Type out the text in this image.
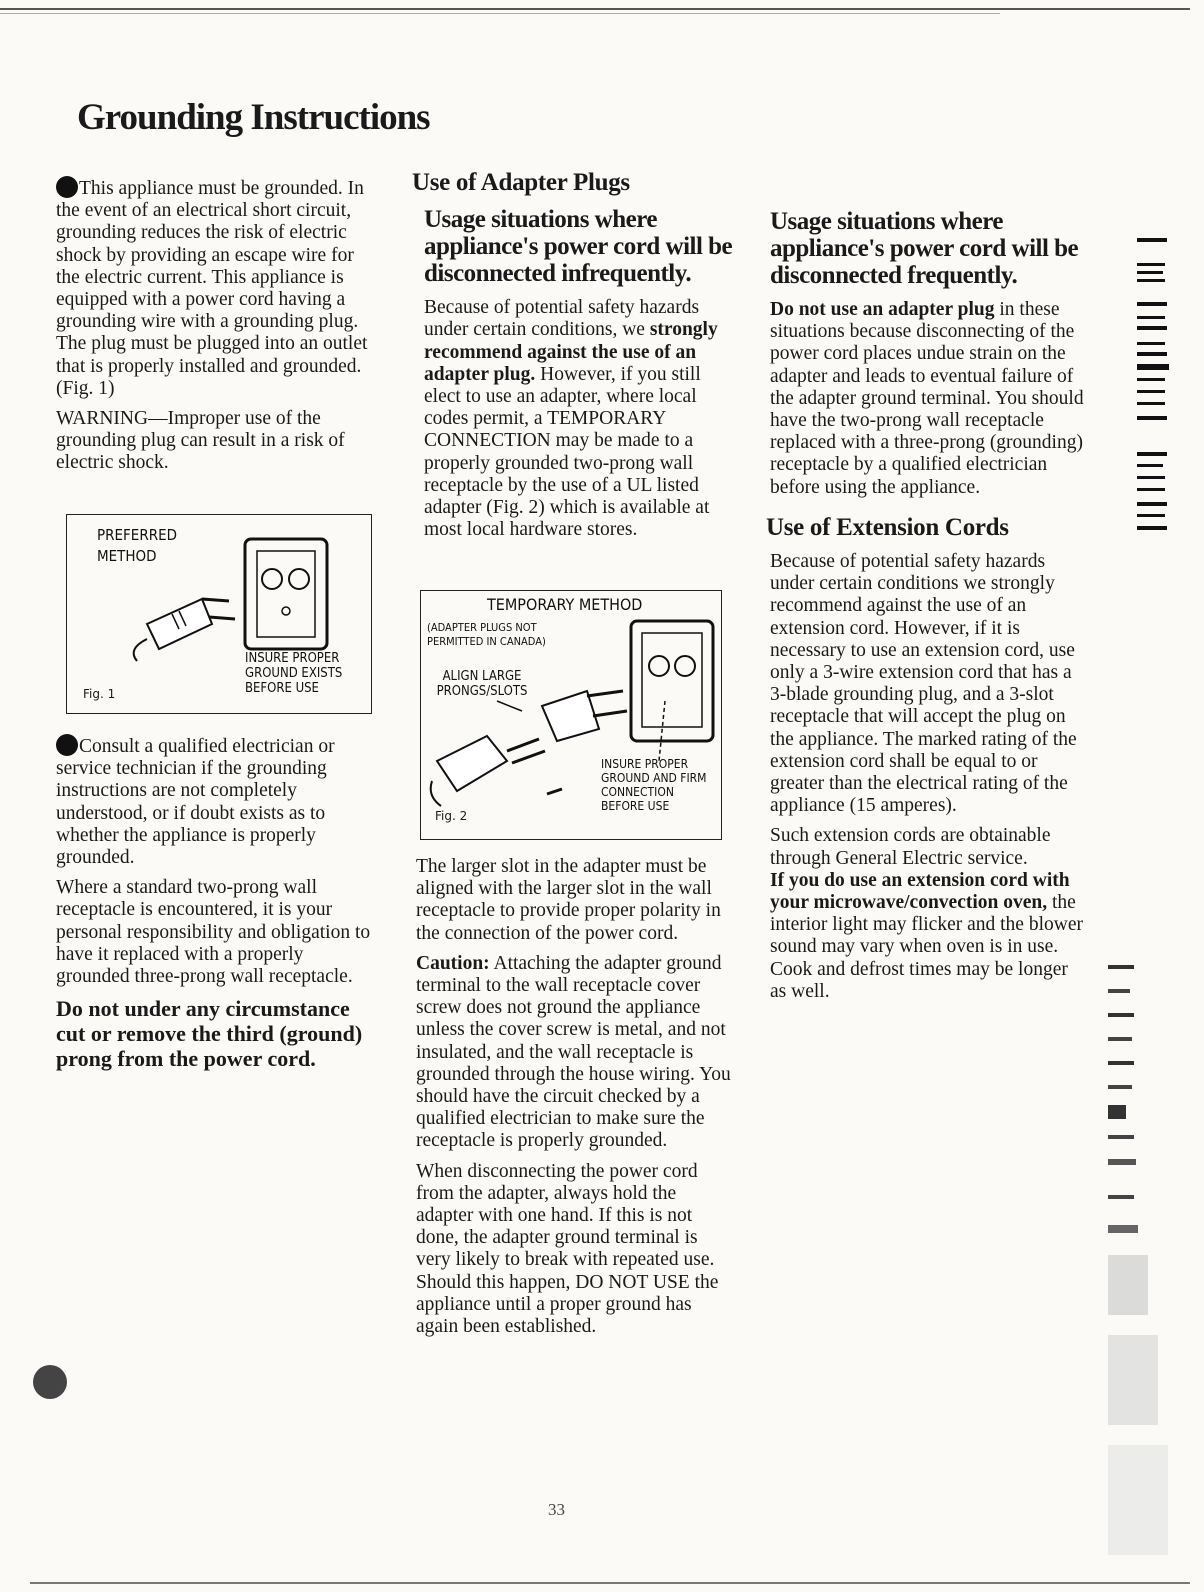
Grounding Instructions

This appliance must be grounded. In the event of an electrical short circuit, grounding reduces the risk of electric shock by providing an escape wire for the electric current. This appliance is equipped with a power cord having a grounding wire with a grounding plug. The plug must be plugged into an outlet that is properly installed and grounded. (Fig. 1)

WARNING—Improper use of the grounding plug can result in a risk of electric shock.

PREFERRED METHOD
INSURE PROPER GROUND EXISTS BEFORE USE
Fig. 1

Consult a qualified electrician or service technician if the grounding instructions are not completely understood, or if doubt exists as to whether the appliance is properly grounded.

Where a standard two-prong wall receptacle is encountered, it is your personal responsibility and obligation to have it replaced with a properly grounded three-prong wall receptacle.

Do not under any circumstance cut or remove the third (ground) prong from the power cord.
Use of Adapter Plugs
Usage situations where appliance's power cord will be disconnected infrequently.

Because of potential safety hazards under certain conditions, we strongly recommend against the use of an adapter plug. However, if you still elect to use an adapter, where local codes permit, a TEMPORARY CONNECTION may be made to a properly grounded two-prong wall receptacle by the use of a UL listed adapter (Fig. 2) which is available at most local hardware stores.

TEMPORARY METHOD
(ADAPTER PLUGS NOT PERMITTED IN CANADA)
ALIGN LARGE PRONGS/SLOTS
INSURE PROPER GROUND AND FIRM CONNECTION BEFORE USE
Fig. 2

The larger slot in the adapter must be aligned with the larger slot in the wall receptacle to provide proper polarity in the connection of the power cord.

Caution: Attaching the adapter ground terminal to the wall receptacle cover screw does not ground the appliance unless the cover screw is metal, and not insulated, and the wall receptacle is grounded through the house wiring. You should have the circuit checked by a qualified electrician to make sure the receptacle is properly grounded.

When disconnecting the power cord from the adapter, always hold the adapter with one hand. If this is not done, the adapter ground terminal is very likely to break with repeated use. Should this happen, DO NOT USE the appliance until a proper ground has again been established.

Usage situations where appliance's power cord will be disconnected frequently.

Do not use an adapter plug in these situations because disconnecting of the power cord places undue strain on the adapter and leads to eventual failure of the adapter ground terminal. You should have the two-prong wall receptacle replaced with a three-prong (grounding) receptacle by a qualified electrician before using the appliance.

Use of Extension Cords

Because of potential safety hazards under certain conditions we strongly recommend against the use of an extension cord. However, if it is necessary to use an extension cord, use only a 3-wire extension cord that has a 3-blade grounding plug, and a 3-slot receptacle that will accept the plug on the appliance. The marked rating of the extension cord shall be equal to or greater than the electrical rating of the appliance (15 amperes).

Such extension cords are obtainable through General Electric service.
If you do use an extension cord with your microwave/convection oven, the interior light may flicker and the blower sound may vary when oven is in use. Cook and defrost times may be longer as well.

33
